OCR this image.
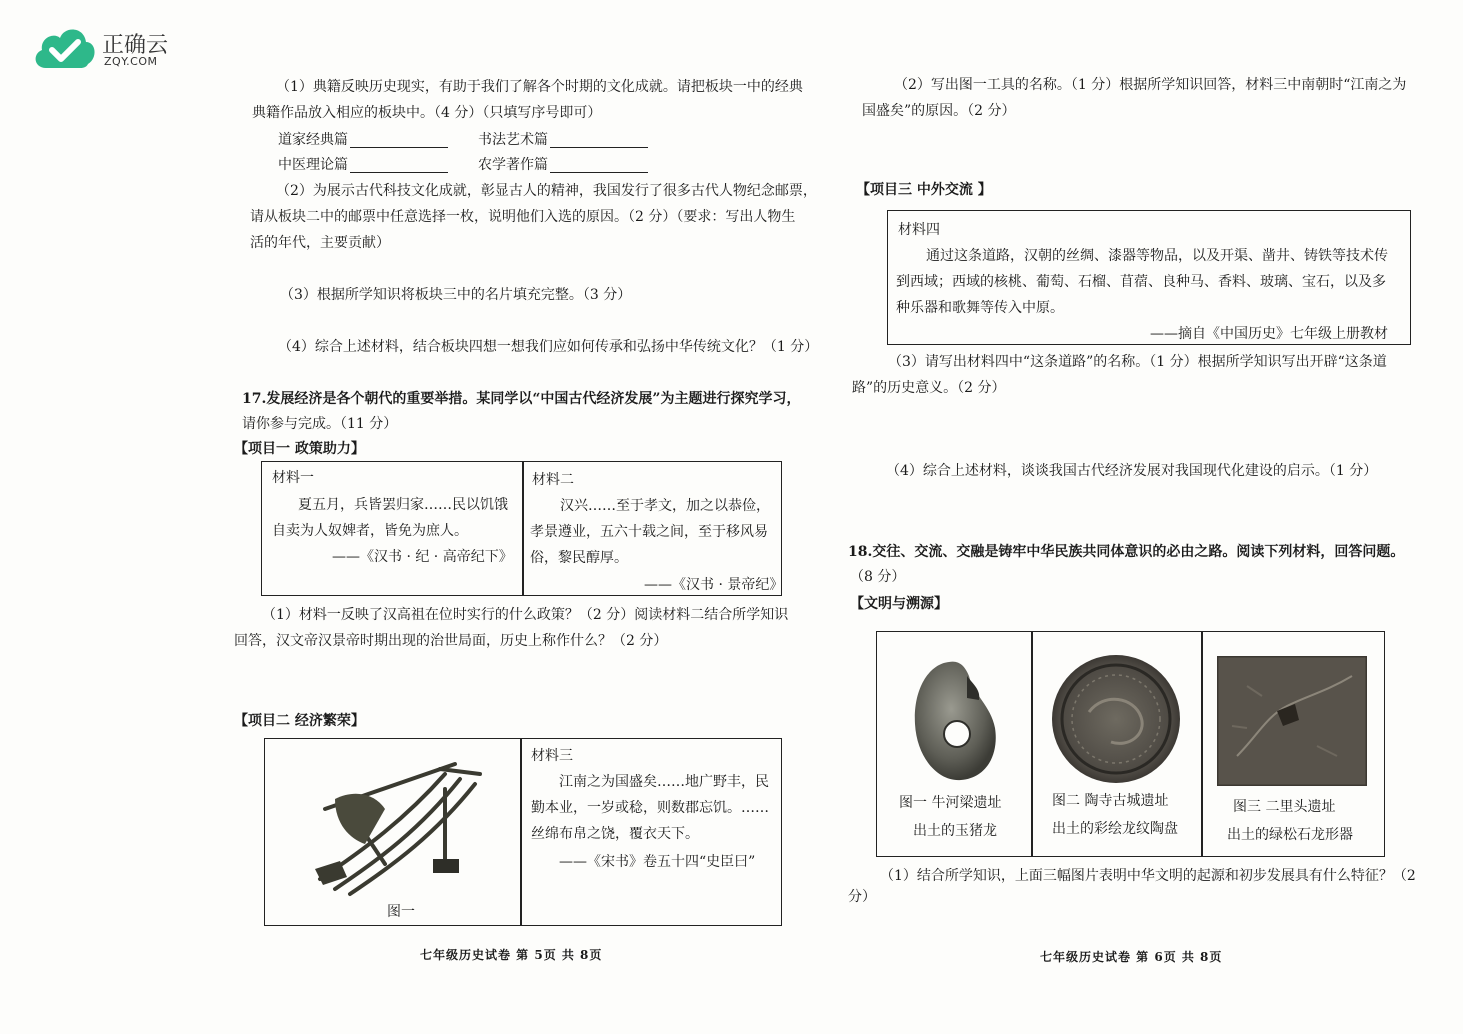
正确云
ZQY.COM
（1）典籍反映历史现实，有助于我们了解各个时期的文化成就。请把板块一中的经典
典籍作品放入相应的板块中。（4 分）（只填写序号即可）
道家经典篇	书法艺术篇
中医理论篇	农学著作篇
（2）为展示古代科技文化成就，彰显古人的精神，我国发行了很多古代人物纪念邮票，
请从板块二中的邮票中任意选择一枚，说明他们入选的原因。（2 分）（要求：写出人物生
活的年代，主要贡献）
（3）根据所学知识将板块三中的名片填充完整。（3 分）
（4）综合上述材料，结合板块四想一想我们应如何传承和弘扬中华传统文化？（1 分）
17.发展经济是各个朝代的重要举措。某同学以“中国古代经济发展”为主题进行探究学习，
请你参与完成。（11 分）
【项目一 政策助力】
材料一
夏五月，兵皆罢归家……民以饥饿
自卖为人奴婢者，皆免为庶人。
——《汉书 · 纪 · 高帝纪下》
材料二
汉兴……至于孝文，加之以恭俭，
孝景遵业，五六十载之间，至于移风易
俗，黎民醇厚。
——《汉书 · 景帝纪》
（1）材料一反映了汉高祖在位时实行的什么政策？（2 分）阅读材料二结合所学知识
回答，汉文帝汉景帝时期出现的治世局面，历史上称作什么？（2 分）
【项目二 经济繁荣】
图一
材料三
江南之为国盛矣……地广野丰，民
勤本业，一岁或稔，则数郡忘饥。……
丝绵布帛之饶，覆衣天下。
——《宋书》卷五十四“史臣曰”
七年级历史试卷 第 5页 共 8页
（2）写出图一工具的名称。（1 分）根据所学知识回答，材料三中南朝时“江南之为
国盛矣”的原因。（2 分）
【项目三 中外交流 】
材料四
通过这条道路，汉朝的丝绸、漆器等物品，以及开渠、凿井、铸铁等技术传
到西域；西域的核桃、葡萄、石榴、苜蓿、良种马、香料、玻璃、宝石，以及多
种乐器和歌舞等传入中原。
——摘自《中国历史》七年级上册教材
（3）请写出材料四中“这条道路”的名称。（1 分）根据所学知识写出开辟“这条道
路”的历史意义。（2 分）
（4）综合上述材料，谈谈我国古代经济发展对我国现代化建设的启示。（1 分）
18.交往、交流、交融是铸牢中华民族共同体意识的必由之路。阅读下列材料，回答问题。
（8 分）
【文明与溯源】
图一 牛河梁遗址
出土的玉猪龙
图二 陶寺古城遗址
出土的彩绘龙纹陶盘
图三 二里头遗址
出土的绿松石龙形器
（1）结合所学知识，上面三幅图片表明中华文明的起源和初步发展具有什么特征？（2
分）
七年级历史试卷 第 6页 共 8页
